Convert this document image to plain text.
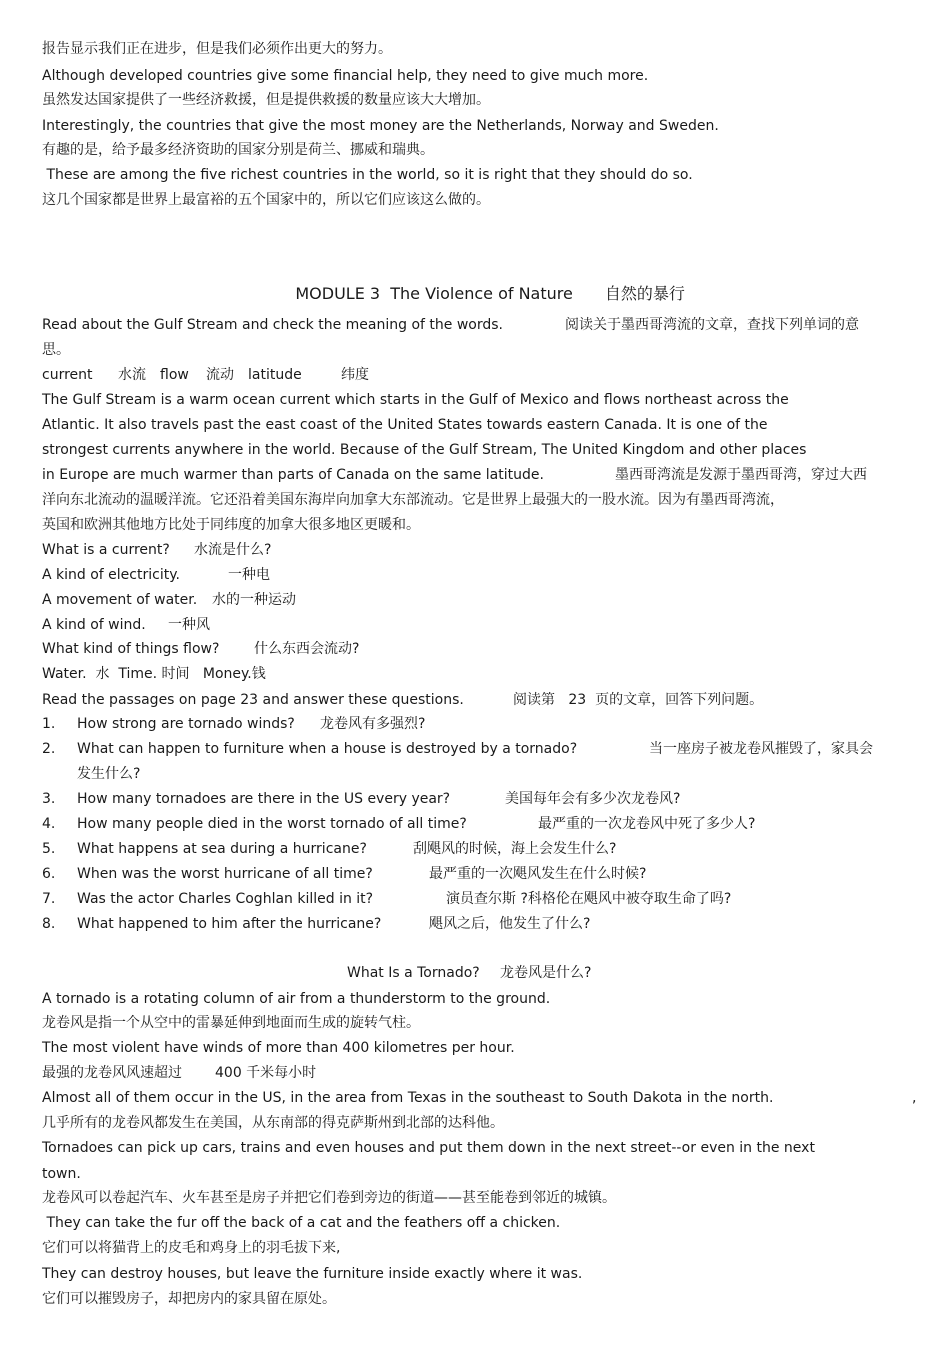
报告显示我们正在进步，但是我们必须作出更大的努力。
Although developed countries give some financial help, they need to give much more.
虽然发达国家提供了一些经济救援，但是提供救援的数量应该大大增加。
Interestingly, the countries that give the most money are the Netherlands, Norway and Sweden.
有趣的是，给予最多经济资助的国家分别是荷兰、挪威和瑞典。
These are among the five richest countries in the world, so it is right that they should do so.
这几个国家都是世界上最富裕的五个国家中的，所以它们应该这么做的。

MODULE 3  The Violence of Nature 自然的暴行

Read about the Gulf Stream and check the meaning of the words.	阅读关于墨西哥湾流的文章，查找下列单词的意
思。
current 水流 flow 流动 latitude	纬度
The Gulf Stream is a warm ocean current which starts in the Gulf of Mexico and flows northeast across the
Atlantic. It also travels past the east coast of the United States towards eastern Canada. It is one of the
strongest currents anywhere in the world. Because of the Gulf Stream, The United Kingdom and other places
in Europe are much warmer than parts of Canada on the same latitude.	墨西哥湾流是发源于墨西哥湾，穿过大西
洋向东北流动的温暖洋流。它还沿着美国东海岸向加拿大东部流动。它是世界上最强大的一股水流。因为有墨西哥湾流，
英国和欧洲其他地方比处于同纬度的加拿大很多地区更暖和。
What is a current? 水流是什么?
A kind of electricity.	一种电
A movement of water. 水的一种运动
A kind of wind. 一种风
What kind of things flow? 什么东西会流动?
Water.  水  Time. 时间   Money.钱
Read the passages on page 23 and answer these questions.	阅读第   23  页的文章，回答下列问题。
1. How strong are tornado winds? 龙卷风有多强烈?
2. What can happen to furniture when a house is destroyed by a tornado?	当一座房子被龙卷风摧毁了，家具会
发生什么?
3. How many tornadoes are there in the US every year?	美国每年会有多少次龙卷风?
4. How many people died in the worst tornado of all time?	最严重的一次龙卷风中死了多少人?
5. What happens at sea during a hurricane?	刮飓风的时候，海上会发生什么?
6. When was the worst hurricane of all time?	最严重的一次飓风发生在什么时候?
7. Was the actor Charles Coghlan killed in it?	演员查尔斯 ?科格伦在飓风中被夺取生命了吗?
8. What happened to him after the hurricane?	飓风之后，他发生了什么?
What Is a Tornado? 龙卷风是什么?
A tornado is a rotating column of air from a thunderstorm to the ground.
龙卷风是指一个从空中的雷暴延伸到地面而生成的旋转气柱。
The most violent have winds of more than 400 kilometres per hour.
最强的龙卷风风速超过 400 千米每小时
Almost all of them occur in the US, in the area from Texas in the southeast to South Dakota in the north.	,
几乎所有的龙卷风都发生在美国，从东南部的得克萨斯州到北部的达科他。
Tornadoes can pick up cars, trains and even houses and put them down in the next street--or even in the next
town.
龙卷风可以卷起汽车、火车甚至是房子并把它们卷到旁边的街道——甚至能卷到邻近的城镇。
They can take the fur off the back of a cat and the feathers off a chicken.
它们可以将猫背上的皮毛和鸡身上的羽毛拔下来,
They can destroy houses, but leave the furniture inside exactly where it was.
它们可以摧毁房子，却把房内的家具留在原处。
